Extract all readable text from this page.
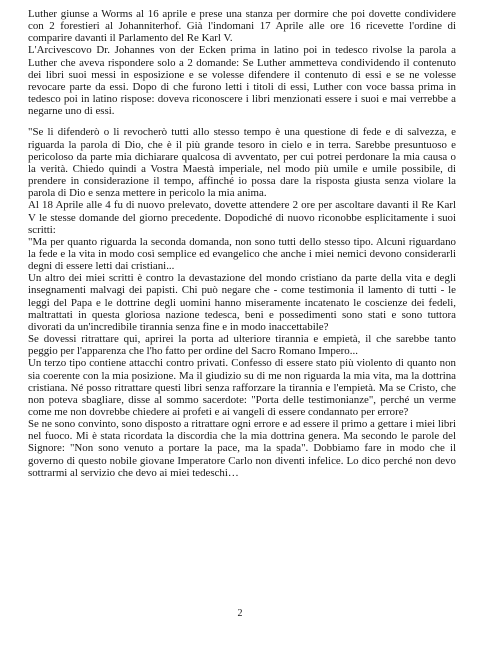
Luther giunse a Worms al 16 aprile e prese una stanza per dormire che poi dovette condividere con 2 forestieri al Johanniterhof. Già l'indomani 17 Aprile alle ore 16 ricevette l'ordine di comparire davanti il Parlamento del Re Karl V.

L'Arcivescovo Dr. Johannes von der Ecken prima in latino poi in tedesco rivolse la parola a Luther che aveva rispondere solo a 2 domande: Se Luther ammetteva condividendo il contenuto dei libri suoi messi in esposizione e se volesse difendere il contenuto di essi e se ne volesse revocare parte da essi. Dopo di che furono letti i titoli di essi, Luther con voce bassa prima in tedesco poi in latino rispose: doveva riconoscere i libri menzionati essere i suoi e mai verrebbe a negarne uno di essi.

"Se li difenderò o li revocherò tutti allo stesso tempo è una questione di fede e di salvezza, e riguarda la parola di Dio, che è il più grande tesoro in cielo e in terra. Sarebbe presuntuoso e pericoloso da parte mia dichiarare qualcosa di avventato, per cui potrei perdonare la mia causa o la verità. Chiedo quindi a Vostra Maestà imperiale, nel modo più umile e umile possibile, di prendere in considerazione il tempo, affinché io possa dare la risposta giusta senza violare la parola di Dio e senza mettere in pericolo la mia anima.

Al 18 Aprile alle 4 fu di nuovo prelevato, dovette attendere 2 ore per ascoltare davanti il Re Karl V le stesse domande del giorno precedente. Dopodiché di nuovo riconobbe esplicitamente i suoi scritti:

"Ma per quanto riguarda la seconda domanda, non sono tutti dello stesso tipo. Alcuni riguardano la fede e la vita in modo così semplice ed evangelico che anche i miei nemici devono considerarli degni di essere letti dai cristiani...

Un altro dei miei scritti è contro la devastazione del mondo cristiano da parte della vita e degli insegnamenti malvagi dei papisti. Chi può negare che - come testimonia il lamento di tutti - le leggi del Papa e le dottrine degli uomini hanno miseramente incatenato le coscienze dei fedeli, maltrattati in questa gloriosa nazione tedesca, beni e possedimenti sono stati e sono tuttora divorati da un'incredibile tirannia senza fine e in modo inaccettabile?

Se dovessi ritrattare qui, aprirei la porta ad ulteriore tirannia e empietà, il che sarebbe tanto peggio per l'apparenza che l'ho fatto per ordine del Sacro Romano Impero...

Un terzo tipo contiene attacchi contro privati. Confesso di essere stato più violento di quanto non sia coerente con la mia posizione. Ma il giudizio su di me non riguarda la mia vita, ma la dottrina cristiana. Né posso ritrattare questi libri senza rafforzare la tirannia e l'empietà. Ma se Cristo, che non poteva sbagliare, disse al sommo sacerdote: "Porta delle testimonianze", perché un verme come me non dovrebbe chiedere ai profeti e ai vangeli di essere condannato per errore?

Se ne sono convinto, sono disposto a ritrattare ogni errore e ad essere il primo a gettare i miei libri nel fuoco. Mi è stata ricordata la discordia che la mia dottrina genera. Ma secondo le parole del Signore: "Non sono venuto a portare la pace, ma la spada". Dobbiamo fare in modo che il governo di questo nobile giovane Imperatore Carlo non diventi infelice. Lo dico perché non devo sottrarmi al servizio che devo ai miei tedeschi…

2
